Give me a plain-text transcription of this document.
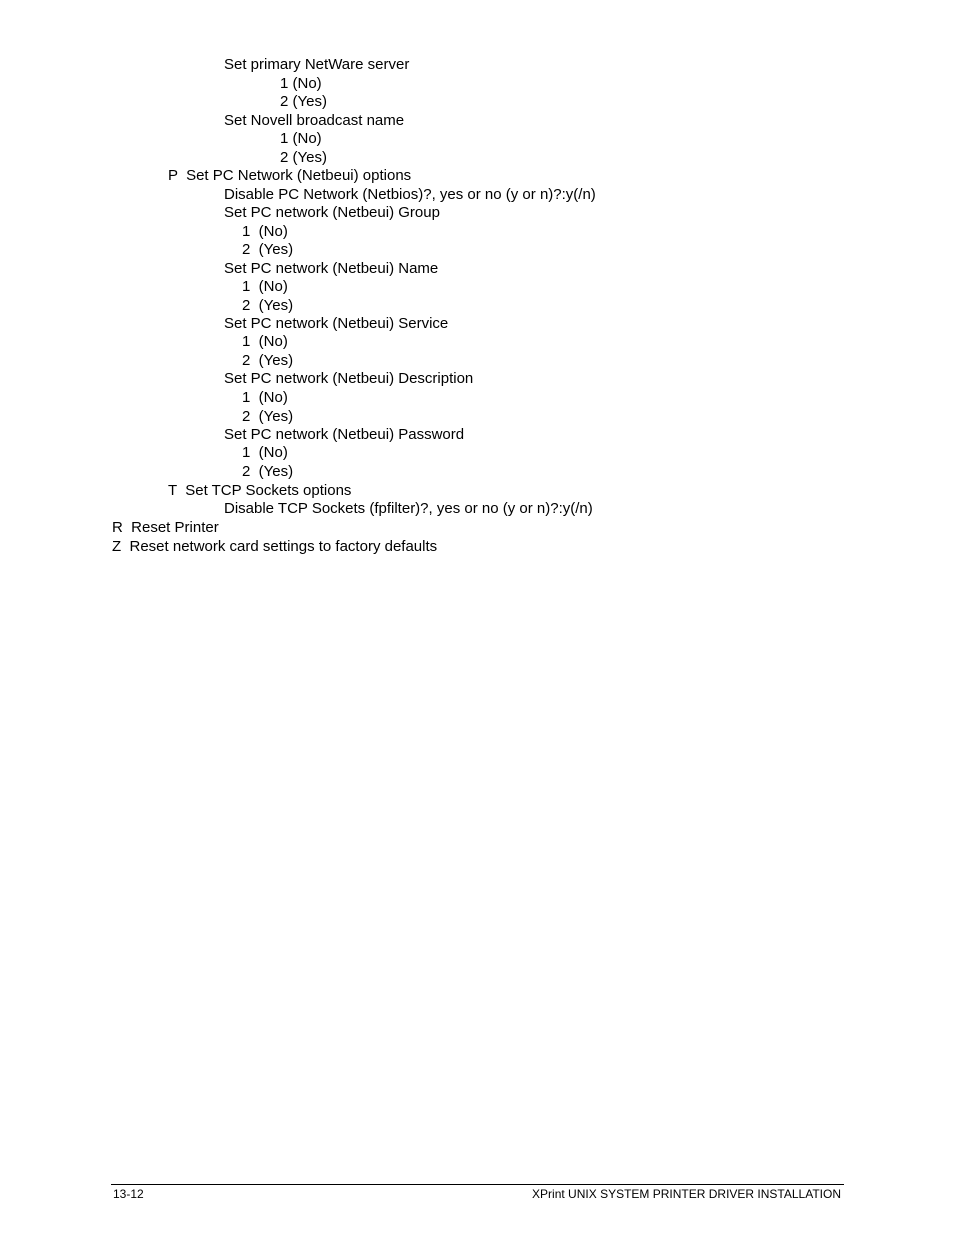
Set primary NetWare server
1 (No)
2 (Yes)
Set Novell broadcast name
1 (No)
2 (Yes)
P  Set PC Network (Netbeui) options
Disable PC Network (Netbios)?, yes or no (y or n)?:y(/n)
Set PC network (Netbeui) Group
1  (No)
2  (Yes)
Set PC network (Netbeui) Name
1  (No)
2  (Yes)
Set PC network (Netbeui) Service
1  (No)
2  (Yes)
Set PC network (Netbeui) Description
1  (No)
2  (Yes)
Set PC network (Netbeui) Password
1  (No)
2  (Yes)
T  Set TCP Sockets options
Disable TCP Sockets (fpfilter)?, yes or no (y or n)?:y(/n)
R  Reset Printer
Z  Reset network card settings to factory defaults
13-12	XPrint UNIX SYSTEM PRINTER DRIVER INSTALLATION
